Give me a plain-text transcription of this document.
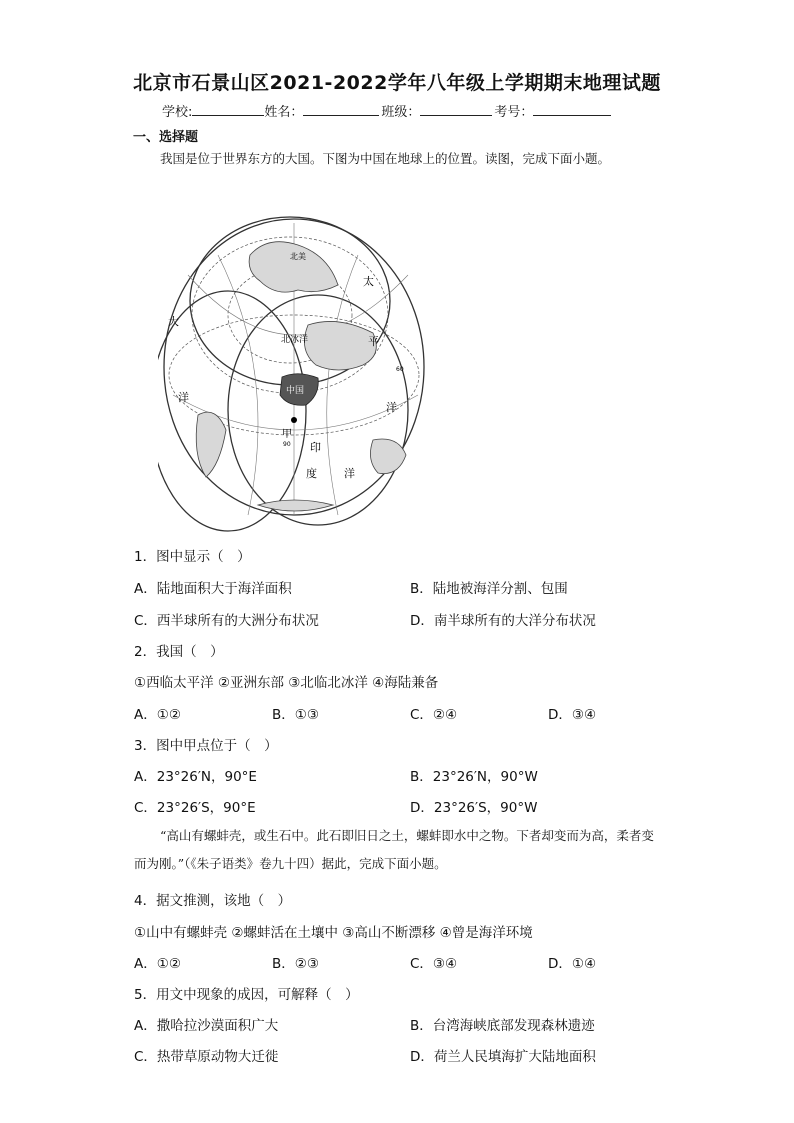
北京市石景山区2021-2022学年八年级上学期期末地理试题
学校:	姓名：	班级：	考号：
一、选择题
我国是位于世界东方的大国。下图为中国在地球上的位置。读图，完成下面小题。
中国
甲
90
北冰洋
北美
太
平
洋
印
度 洋
大
洋
60
1．图中显示（　）
A．陆地面积大于海洋面积	B．陆地被海洋分割、包围
C．西半球所有的大洲分布状况	D．南半球所有的大洋分布状况
2．我国（　）
①西临太平洋 ②亚洲东部 ③北临北冰洋 ④海陆兼备
A．①②	B．①③	C．②④	D．③④
3．图中甲点位于（　）
A．23°26′N，90°E	B．23°26′N，90°W
C．23°26′S，90°E	D．23°26′S，90°W
“高山有螺蚌壳，或生石中。此石即旧日之土，螺蚌即水中之物。下者却变而为高，柔者变而为刚。”（《朱子语类》卷九十四）据此，完成下面小题。
4．据文推测，该地（　）
①山中有螺蚌壳 ②螺蚌活在土壤中 ③高山不断漂移 ④曾是海洋环境
A．①②	B．②③	C．③④	D．①④
5．用文中现象的成因，可解释（　）
A．撒哈拉沙漠面积广大	B．台湾海峡底部发现森林遗迹
C．热带草原动物大迁徙	D．荷兰人民填海扩大陆地面积
